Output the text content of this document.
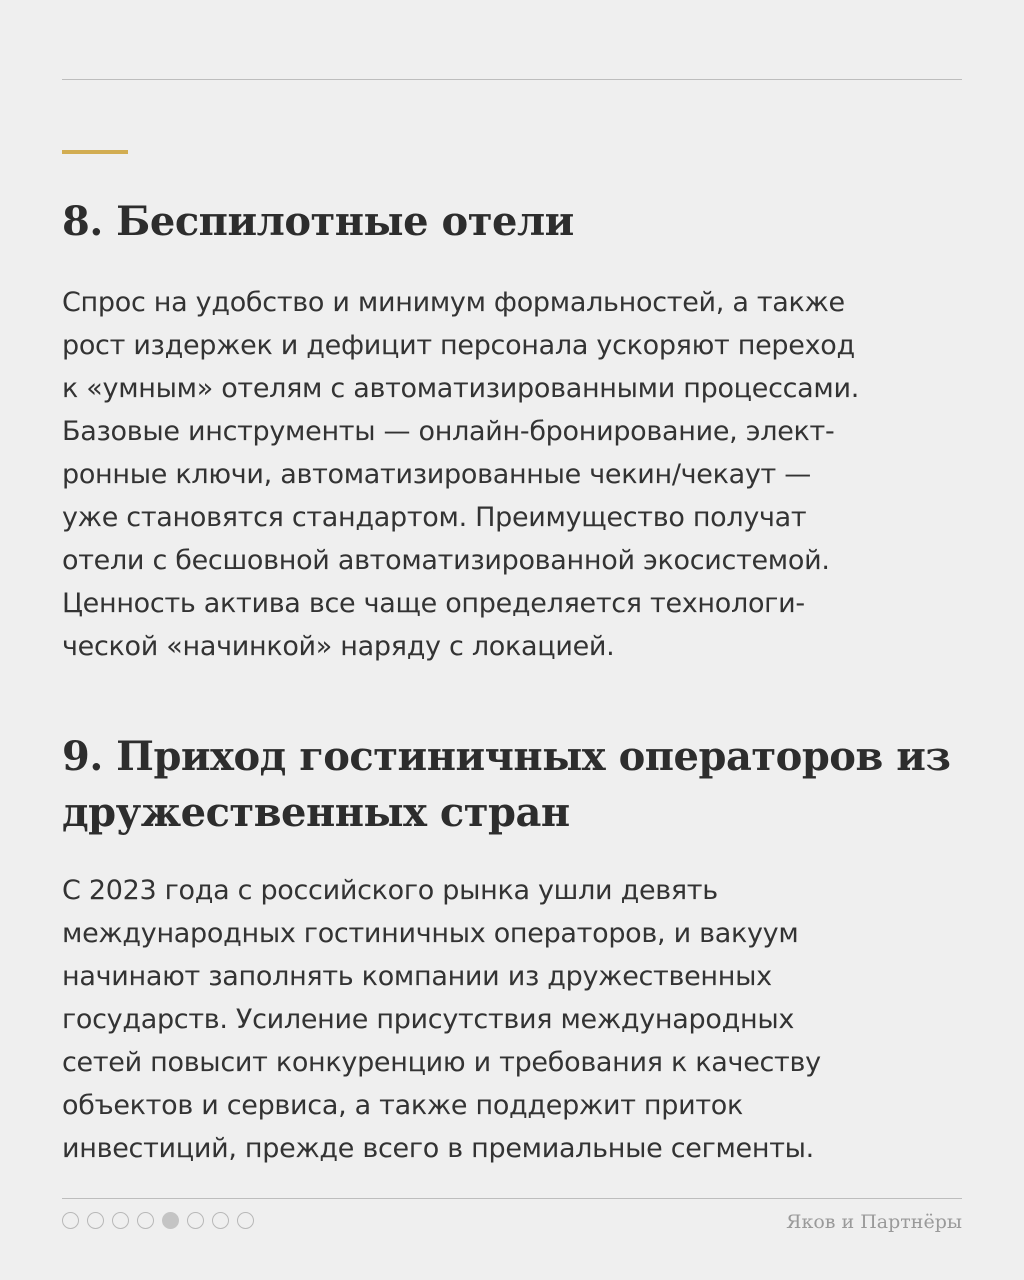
8. Беспилотные отели

Спрос на удобство и минимум формальностей, а также
рост издержек и дефицит персонала ускоряют переход
к «умным» отелям с автоматизированными процессами.
Базовые инструменты — онлайн-бронирование, элект-
ронные ключи, автоматизированные чекин/чекаут —
уже становятся стандартом. Преимущество получат
отели с бесшовной автоматизированной экосистемой.
Ценность актива все чаще определяется технологи-
ческой «начинкой» наряду с локацией.

9. Приход гостиничных операторов из
дружественных стран

С 2023 года с российского рынка ушли девять
международных гостиничных операторов, и вакуум
начинают заполнять компании из дружественных
государств. Усиление присутствия международных
сетей повысит конкуренцию и требования к качеству
объектов и сервиса, а также поддержит приток
инвестиций, прежде всего в премиальные сегменты.

Яков и Партнёры
